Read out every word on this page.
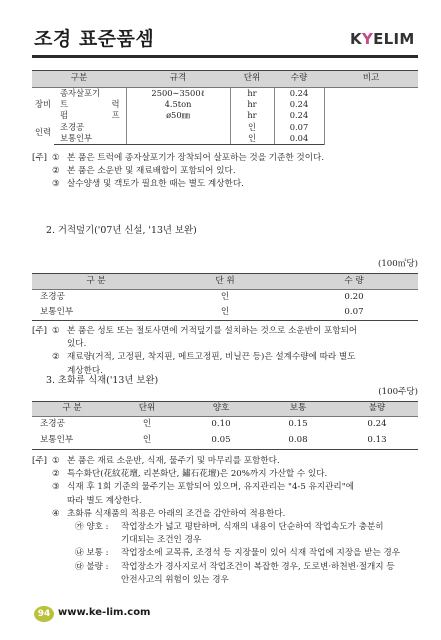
조경 표준품셈	KYELIM
구분		규격	단위	수량	비고
장비	종자살포기	2500∼3500ℓ	hr	0.24	
	트 럭	4.5ton	hr	0.24	
	펌 프	ø50㎜	hr	0.24	
인력	조경공		인	0.07	
	보통인부		인	0.04	
[주] ① 본 품은 트럭에 종자살포기가 장착되어 살포하는 것을 기준한 것이다.
② 본 품은 소운반 및 재료배합이 포함되어 있다.
③ 살수양생 및 객토가 필요한 때는 별도 계상한다.
2. 거적덮기('07년 신설, '13년 보완)
(100㎡당)
구 분	단 위	수 량
조경공	인	0.20
보통인부	인	0.07
[주] ① 본 품은 성토 또는 절토사면에 거적덮기를 설치하는 것으로 소운반이 포함되어
있다.
② 재료량(거적, 고정핀, 착지핀, 메트고정핀, 비닐끈 등)은 설계수량에 따라 별도
계상한다.
3. 초화류 식재('13년 보완)
(100주당)
구 분	단위	양호	보통	불량
조경공	인	0.10	0.15	0.24
보통인부	인	0.05	0.08	0.13
[주] ① 본 품은 재료 소운반, 식재, 물주기 및 마무리를 포함한다.
② 특수화단(花紋花壇, 리본화단, 鏽石花壇)은 20%까지 가산할 수 있다.
③ 식재 후 1회 기준의 물주기는 포함되어 있으며, 유지관리는 "4-5 유지관리"에
따라 별도 계상한다.
④ 초화류 식재품의 적용은 아래의 조건을 감안하여 적용한다.
㉮ 양호 :	작업장소가 넓고 평탄하며, 식재의 내용이 단순하여 작업속도가 충분히
기대되는 조건인 경우
㉯ 보통 :	작업장소에 교목류, 조경석 등 지장물이 있어 식재 작업에 지장을 받는 경우
㉰ 불량 :	작업장소가 경사지로서 작업조건이 복잡한 경우, 도로변·하천변·절개지 등
안전사고의 위험이 있는 경우
94 www.ke-lim.com
